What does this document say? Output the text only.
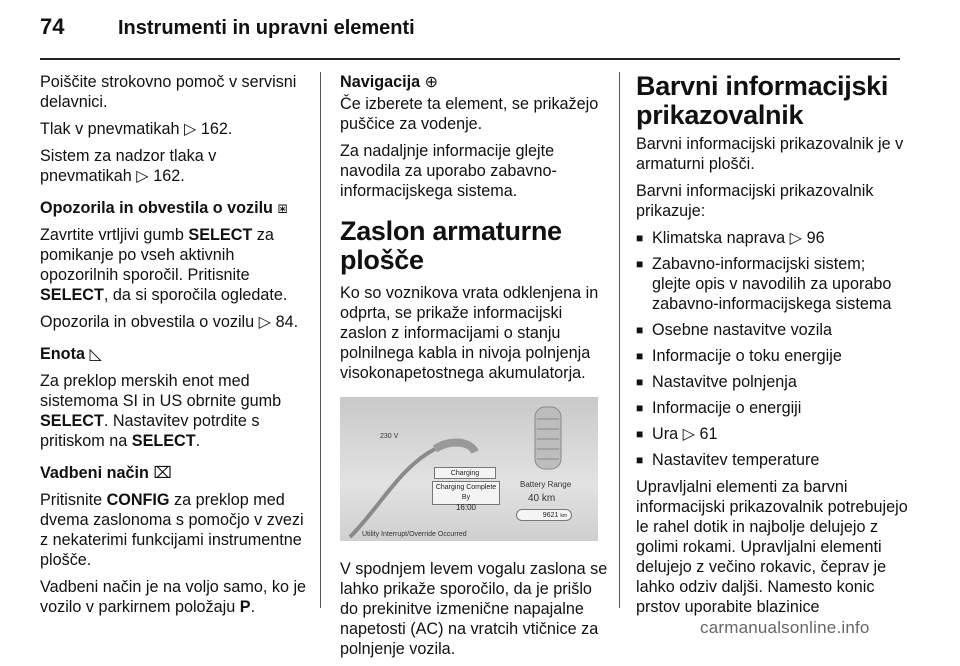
74	Instrumenti in upravni elementi

Poiščite strokovno pomoč v servisni delavnici.

Tlak v pnevmatikah ▷ 162.

Sistem za nadzor tlaka v pnevmatikah ▷ 162.

Opozorila in obvestila o vozilu ⧆

Zavrtite vrtljivi gumb SELECT za pomikanje po vseh aktivnih opozorilnih sporočil. Pritisnite SELECT, da si sporočila ogledate.

Opozorila in obvestila o vozilu ▷ 84.

Enota ◺

Za preklop merskih enot med sistemoma SI in US obrnite gumb SELECT. Nastavitev potrdite s pritiskom na SELECT.

Vadbeni način ⌧

Pritisnite CONFIG za preklop med dvema zaslonoma s pomočjo v zvezi z nekaterimi funkcijami instrumentne plošče.

Vadbeni način je na voljo samo, ko je vozilo v parkirnem položaju P.

Navigacija ⊕

Če izberete ta element, se prikažejo puščice za vodenje.

Za nadaljnje informacije glejte navodila za uporabo zabavno-informacijskega sistema.

Zaslon armaturne plošče

Ko so voznikova vrata odklenjena in odprta, se prikaže informacijski zaslon z informacijami o stanju polnilnega kabla in nivoja polnjenja visokonapetostnega akumulatorja.

230 V
Charging
Charging Complete By
16:00
Battery Range
40 km
9621 km
Utility Interrupt/Override Occurred

V spodnjem levem vogalu zaslona se lahko prikaže sporočilo, da je prišlo do prekinitve izmenične napajalne napetosti (AC) na vratcih vtičnice za polnjenje vozila.

Barvni informacijski prikazovalnik

Barvni informacijski prikazovalnik je v armaturni plošči.

Barvni informacijski prikazovalnik prikazuje:

■ Klimatska naprava ▷ 96
■ Zabavno-informacijski sistem; glejte opis v navodilih za uporabo zabavno-informacijskega sistema
■ Osebne nastavitve vozila
■ Informacije o toku energije
■ Nastavitve polnjenja
■ Informacije o energiji
■ Ura ▷ 61
■ Nastavitev temperature

Upravljalni elementi za barvni informacijski prikazovalnik potrebujejo le rahel dotik in najbolje delujejo z golimi rokami. Upravljalni elementi delujejo z večino rokavic, čeprav je lahko odziv daljši. Namesto konic prstov uporabite blazinice

carmanualsonline.info
